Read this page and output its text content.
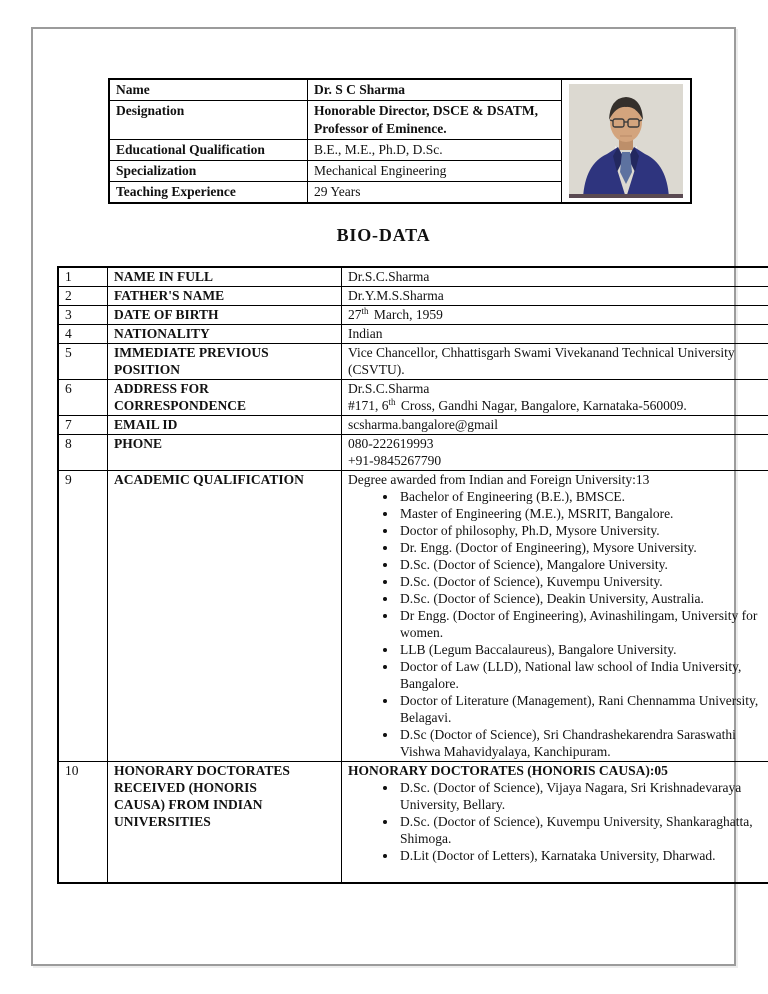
Name	Dr. S C Sharma	

Designation	Honorable Director, DSCE & DSATM, Professor of Eminence.	
Educational Qualification	B.E., M.E., Ph.D, D.Sc.	
Specialization	Mechanical Engineering	
Teaching Experience	29 Years	
BIO-DATA
1	NAME IN FULL	Dr.S.C.Sharma
2	FATHER'S NAME	Dr.Y.M.S.Sharma
3	DATE OF BIRTH	27th March, 1959
4	NATIONALITY	Indian
5	IMMEDIATE PREVIOUS POSITION	Vice Chancellor, Chhattisgarh Swami Vivekanand Technical University (CSVTU).
6	ADDRESS FOR CORRESPONDENCE	Dr.S.C.Sharma
#171, 6th Cross, Gandhi Nagar, Bangalore, Karnataka-560009.

7	EMAIL ID	scsharma.bangalore@gmail
8	PHONE	080-222619993
+91-9845267790

9	ACADEMIC QUALIFICATION	Degree awarded from Indian and Foreign University:13
• Bachelor of Engineering (B.E.), BMSCE.
• Master of Engineering (M.E.), MSRIT, Bangalore.
• Doctor of philosophy, Ph.D, Mysore University.
• Dr. Engg. (Doctor of Engineering), Mysore University.
• D.Sc. (Doctor of Science), Mangalore University.
• D.Sc. (Doctor of Science), Kuvempu University.
• D.Sc. (Doctor of Science), Deakin University, Australia.
• Dr Engg. (Doctor of Engineering), Avinashilingam, University for women.
• LLB (Legum Baccalaureus), Bangalore University.
• Doctor of Law (LLD), National law school of India University, Bangalore.
• Doctor of Literature (Management), Rani Chennamma University, Belagavi.
• D.Sc (Doctor of Science), Sri Chandrashekarendra Saraswathi Vishwa Mahavidyalaya, Kanchipuram.

10	HONORARY DOCTORATES RECEIVED (HONORIS CAUSA) FROM INDIAN UNIVERSITIES	
HONORARY DOCTORATES (HONORIS CAUSA):05
• D.Sc. (Doctor of Science), Vijaya Nagara, Sri Krishnadevaraya University, Bellary.
• D.Sc. (Doctor of Science), Kuvempu University, Shankaraghatta, Shimoga.
• D.Lit (Doctor of Letters), Karnataka University, Dharwad.
